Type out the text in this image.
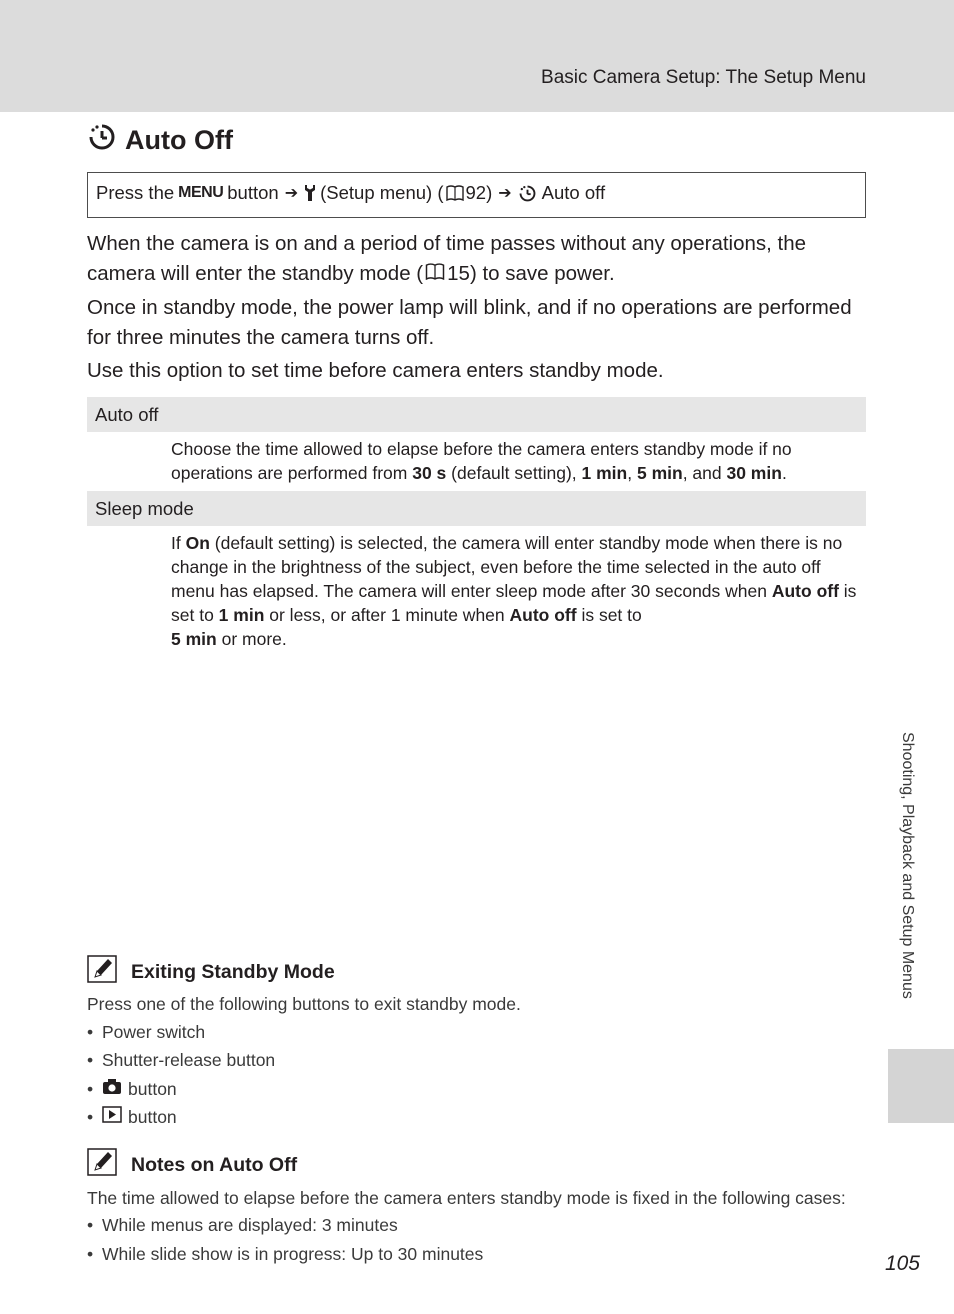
Basic Camera Setup: The Setup Menu
Auto Off
Press the MENU button ➔ (Setup menu) ( 92) ➔ Auto off

When the camera is on and a period of time passes without any operations, the camera will enter the standby mode ( 15) to save power.

Once in standby mode, the power lamp will blink, and if no operations are performed for three minutes the camera turns off.

Use this option to set time before camera enters standby mode.

Auto off
Choose the time allowed to elapse before the camera enters standby mode if no operations are performed from 30 s (default setting), 1 min, 5 min, and 30 min.
Sleep mode
If On (default setting) is selected, the camera will enter standby mode when there is no change in the brightness of the subject, even before the time selected in the auto off menu has elapsed. The camera will enter sleep mode after 30 seconds when Auto off is set to 1 min or less, or after 1 minute when Auto off is set to
5 min or more.
Exiting Standby Mode
Press one of the following buttons to exit standby mode.
• Power switch
• Shutter-release button
•	button
•	button
Notes on Auto Off
The time allowed to elapse before the camera enters standby mode is fixed in the following cases:
• While menus are displayed: 3 minutes
• While slide show is in progress: Up to 30 minutes
Shooting, Playback and Setup Menus
105
